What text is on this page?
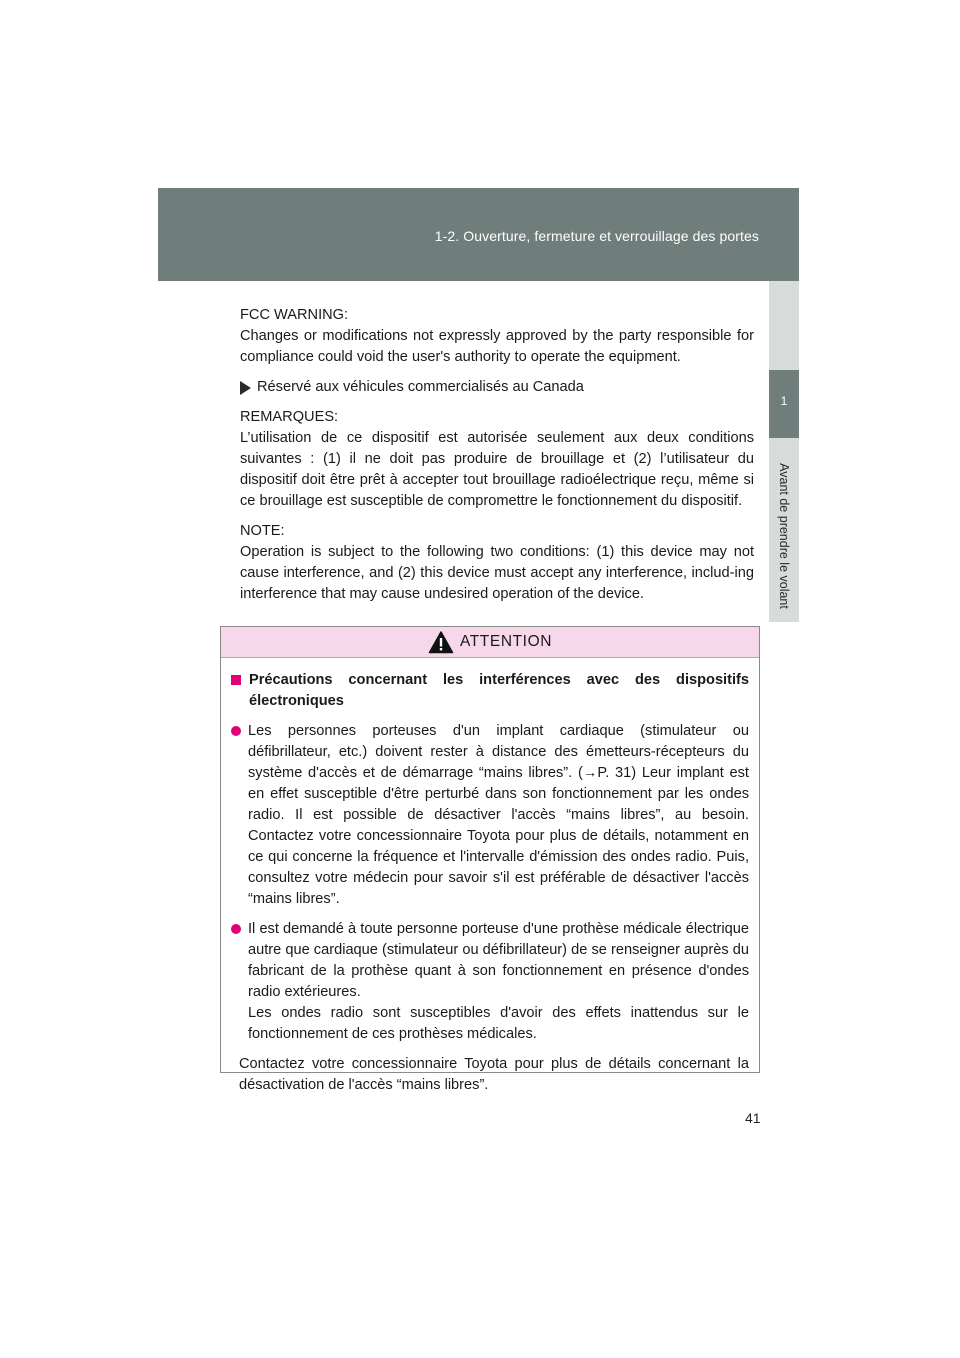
1-2. Ouverture, fermeture et verrouillage des portes
1
Avant de prendre le volant

FCC WARNING:

Changes or modifications not expressly approved by the party responsible for compliance could void the user's authority to operate the equipment.

Réservé aux véhicules commercialisés au Canada

REMARQUES:

L’utilisation de ce dispositif est autorisée seulement aux deux conditions suivantes : (1) il ne doit pas produire de brouillage et (2) l’utilisateur du dispositif doit être prêt à accepter tout brouillage radioélectrique reçu, même si ce brouillage est susceptible de compromettre le fonctionnement du dispositif.

NOTE:

Operation is subject to the following two conditions: (1) this device may not cause interference, and (2) this device must accept any interference, includ-ing interference that may cause undesired operation of the device.

ATTENTION
Précautions concernant les interférences avec des dispositifs électroniques

Les personnes porteuses d'un implant cardiaque (stimulateur ou défibrillateur, etc.) doivent rester à distance des émetteurs-récepteurs du système d'accès et de démarrage “mains libres”. (→P. 31) Leur implant est en effet susceptible d'être perturbé dans son fonctionnement par les ondes radio. Il est possible de désactiver l'accès “mains libres”, au besoin. Contactez votre concessionnaire Toyota pour plus de détails, notamment en ce qui concerne la fréquence et l'intervalle d'émission des ondes radio. Puis, consultez votre médecin pour savoir s'il est préférable de désactiver l'accès “mains libres”.

Il est demandé à toute personne porteuse d'une prothèse médicale électrique autre que cardiaque (stimulateur ou défibrillateur) de se renseigner auprès du fabricant de la prothèse quant à son fonctionnement en présence d'ondes radio extérieures.

Les ondes radio sont susceptibles d'avoir des effets inattendus sur le fonctionnement de ces prothèses médicales.

Contactez votre concessionnaire Toyota pour plus de détails concernant la désactivation de l'accès “mains libres”.

41
